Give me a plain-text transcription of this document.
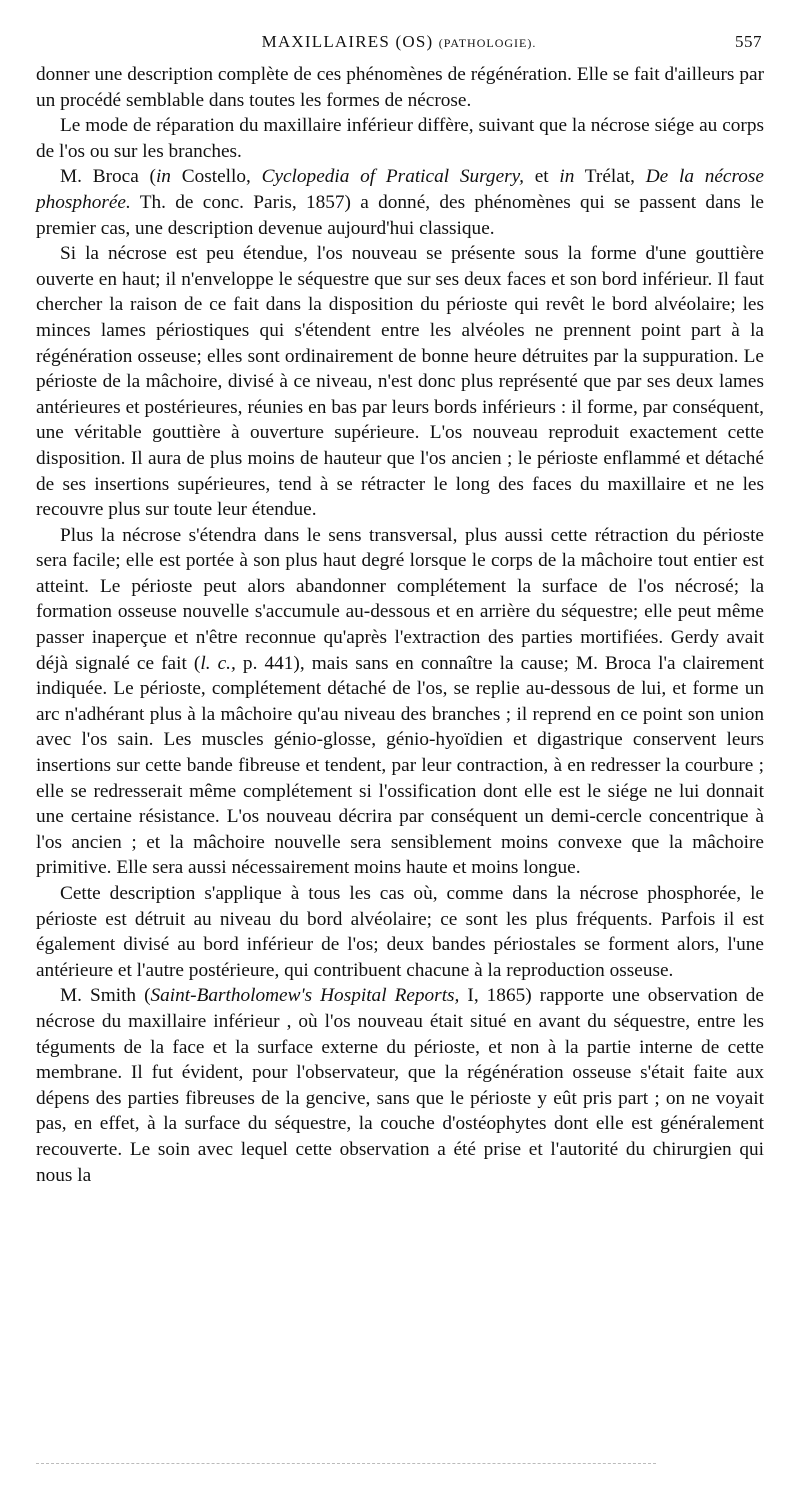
MAXILLAIRES (OS) (PATHOLOGIE).	557

donner une description complète de ces phénomènes de régénération. Elle se fait d'ailleurs par un procédé semblable dans toutes les formes de nécrose.

Le mode de réparation du maxillaire inférieur diffère, suivant que la nécrose siége au corps de l'os ou sur les branches.

M. Broca (in Costello, Cyclopedia of Pratical Surgery, et in Trélat, De la nécrose phosphorée. Th. de conc. Paris, 1857) a donné, des phénomènes qui se passent dans le premier cas, une description devenue aujourd'hui classique.

Si la nécrose est peu étendue, l'os nouveau se présente sous la forme d'une gouttière ouverte en haut; il n'enveloppe le séquestre que sur ses deux faces et son bord inférieur. Il faut chercher la raison de ce fait dans la disposition du périoste qui revêt le bord alvéolaire; les minces lames périostiques qui s'étendent entre les alvéoles ne prennent point part à la régénération osseuse; elles sont ordinairement de bonne heure détruites par la suppuration. Le périoste de la mâchoire, divisé à ce niveau, n'est donc plus représenté que par ses deux lames antérieures et postérieures, réunies en bas par leurs bords inférieurs : il forme, par conséquent, une véritable gouttière à ouverture supérieure. L'os nouveau reproduit exactement cette disposition. Il aura de plus moins de hauteur que l'os ancien ; le périoste enflammé et détaché de ses insertions supérieures, tend à se rétracter le long des faces du maxillaire et ne les recouvre plus sur toute leur étendue.

Plus la nécrose s'étendra dans le sens transversal, plus aussi cette rétraction du périoste sera facile; elle est portée à son plus haut degré lorsque le corps de la mâchoire tout entier est atteint. Le périoste peut alors abandonner complétement la surface de l'os nécrosé; la formation osseuse nouvelle s'accumule au-dessous et en arrière du séquestre; elle peut même passer inaperçue et n'être reconnue qu'après l'extraction des parties mortifiées. Gerdy avait déjà signalé ce fait (l. c., p. 441), mais sans en connaître la cause; M. Broca l'a clairement indiquée. Le périoste, complétement détaché de l'os, se replie au-dessous de lui, et forme un arc n'adhérant plus à la mâchoire qu'au niveau des branches ; il reprend en ce point son union avec l'os sain. Les muscles génio-glosse, génio-hyoïdien et digastrique conservent leurs insertions sur cette bande fibreuse et tendent, par leur contraction, à en redresser la courbure ; elle se redresserait même complétement si l'ossification dont elle est le siége ne lui donnait une certaine résistance. L'os nouveau décrira par conséquent un demi-cercle concentrique à l'os ancien ; et la mâchoire nouvelle sera sensiblement moins convexe que la mâchoire primitive. Elle sera aussi nécessairement moins haute et moins longue.

Cette description s'applique à tous les cas où, comme dans la nécrose phosphorée, le périoste est détruit au niveau du bord alvéolaire; ce sont les plus fréquents. Parfois il est également divisé au bord inférieur de l'os; deux bandes périostales se forment alors, l'une antérieure et l'autre postérieure, qui contribuent chacune à la reproduction osseuse.

M. Smith (Saint-Bartholomew's Hospital Reports, I, 1865) rapporte une observation de nécrose du maxillaire inférieur , où l'os nouveau était situé en avant du séquestre, entre les téguments de la face et la surface externe du périoste, et non à la partie interne de cette membrane. Il fut évident, pour l'observateur, que la régénération osseuse s'était faite aux dépens des parties fibreuses de la gencive, sans que le périoste y eût pris part ; on ne voyait pas, en effet, à la surface du séquestre, la couche d'ostéophytes dont elle est généralement recouverte. Le soin avec lequel cette observation a été prise et l'autorité du chirurgien qui nous la
